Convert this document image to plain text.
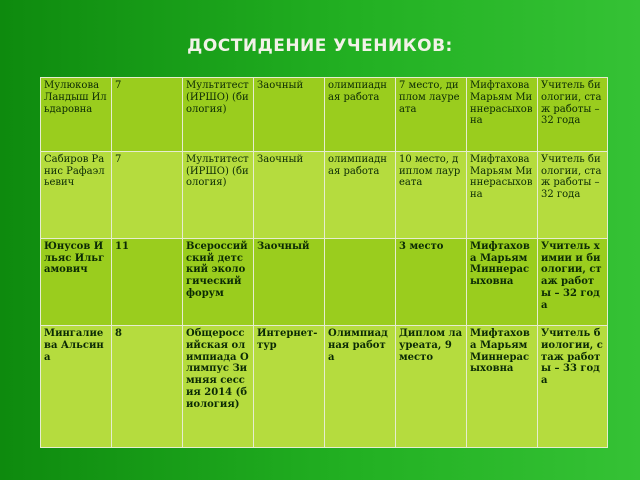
ДОСТИДЕНИЕ УЧЕНИКОВ:
Мулюкова Ландыш Ильдаровна	7	Мультитест (ИРШО) (биология)	Заочный	олимпиадная работа	7 место, диплом лауреата	Мифтахова Марьям Миннерасыховна	Учитель биологии, стаж работы – 32 года
Сабиров Ранис Рафаэльевич	7	Мультитест (ИРШО) (биология)	Заочный	олимпиадная работа	10 место, диплом лауреата	Мифтахова Марьям Миннерасыховна	Учитель биологии, стаж работы – 32 года
Юнусов Ильяс Ильгамович	11	Всероссийский детский экологический форум	Заочный		3 место	Мифтахова Марьям Миннерасыховна	Учитель химии и биологии, стаж работы – 32 года
Мингалиева Альсина	8	Общероссийская олимпиада Олимпус Зимняя сессия 2014 (биология)	Интернет-тур	Олимпиадная работа	Диплом лауреата, 9 место	Мифтахова Марьям Миннерасыховна	Учитель биологии, стаж работы – 33 года
